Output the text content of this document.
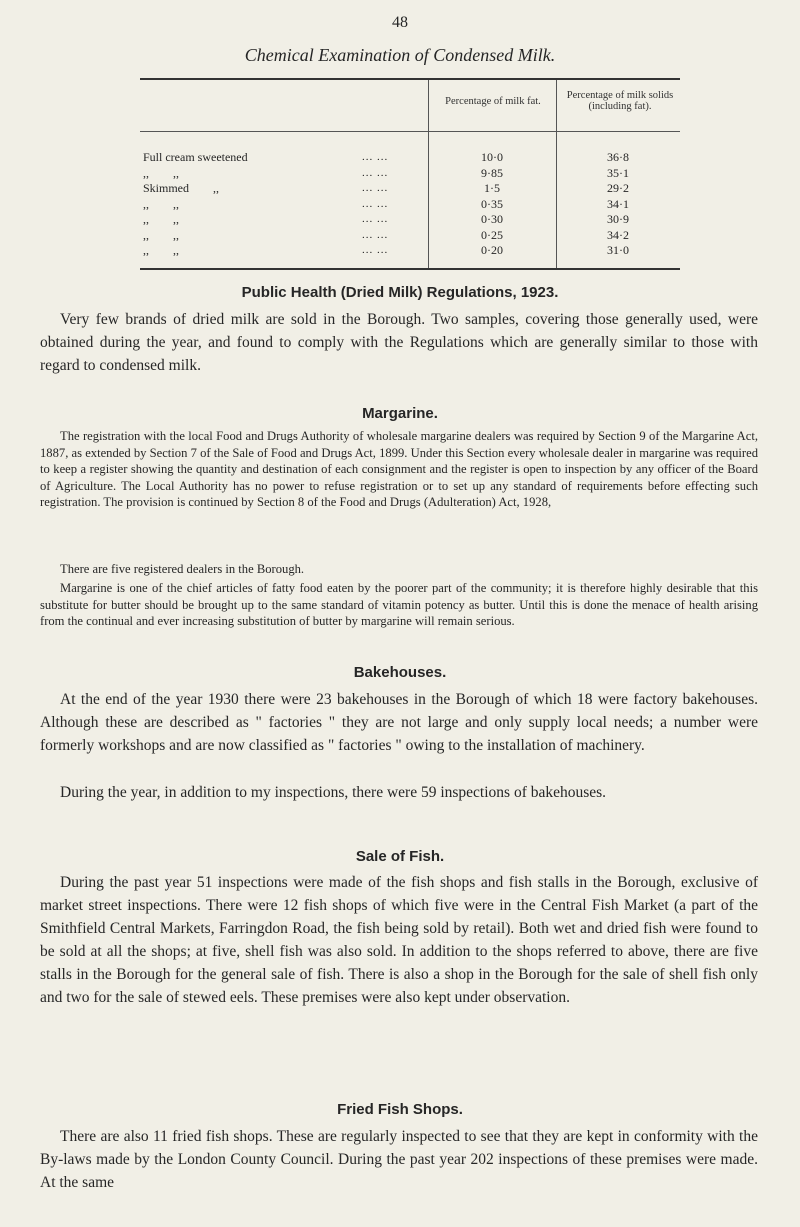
48
Chemical Examination of Condensed Milk.
Percentage of milk fat.
Percentage of milk solids (including fat).
Full cream sweetened	... ...	10·0	36·8
,,        ,,	... ...	9·85	35·1
Skimmed        ,,	... ...	1·5	29·2
,,        ,,	... ...	0·35	34·1
,,        ,,	... ...	0·30	30·9
,,        ,,	... ...	0·25	34·2
,,        ,,	... ...	0·20	31·0
Public Health (Dried Milk) Regulations, 1923.

Very few brands of dried milk are sold in the Borough. Two samples, covering those generally used, were obtained during the year, and found to comply with the Regulations which are generally similar to those with regard to condensed milk.

Margarine.

The registration with the local Food and Drugs Authority of wholesale margarine dealers was required by Section 9 of the Margarine Act, 1887, as extended by Section 7 of the Sale of Food and Drugs Act, 1899. Under this Section every wholesale dealer in margarine was required to keep a register showing the quantity and destination of each consignment and the register is open to inspection by any officer of the Board of Agriculture. The Local Authority has no power to refuse registration or to set up any standard of requirements before effecting such registration. The provision is continued by Section 8 of the Food and Drugs (Adulteration) Act, 1928,

There are five registered dealers in the Borough.

Margarine is one of the chief articles of fatty food eaten by the poorer part of the community; it is therefore highly desirable that this substitute for butter should be brought up to the same standard of vitamin potency as butter. Until this is done the menace of health arising from the continual and ever increasing substitution of butter by margarine will remain serious.

Bakehouses.

At the end of the year 1930 there were 23 bakehouses in the Borough of which 18 were factory bakehouses. Although these are described as " factories " they are not large and only supply local needs; a number were formerly workshops and are now classified as " factories " owing to the installation of machinery.

During the year, in addition to my inspections, there were 59 inspections of bakehouses.

Sale of Fish.

During the past year 51 inspections were made of the fish shops and fish stalls in the Borough, exclusive of market street inspections. There were 12 fish shops of which five were in the Central Fish Market (a part of the Smithfield Central Markets, Farringdon Road, the fish being sold by retail). Both wet and dried fish were found to be sold at all the shops; at five, shell fish was also sold. In addition to the shops referred to above, there are five stalls in the Borough for the general sale of fish. There is also a shop in the Borough for the sale of shell fish only and two for the sale of stewed eels. These premises were also kept under observation.

Fried Fish Shops.

There are also 11 fried fish shops. These are regularly inspected to see that they are kept in conformity with the By-laws made by the London County Council. During the past year 202 inspections of these premises were made. At the same
